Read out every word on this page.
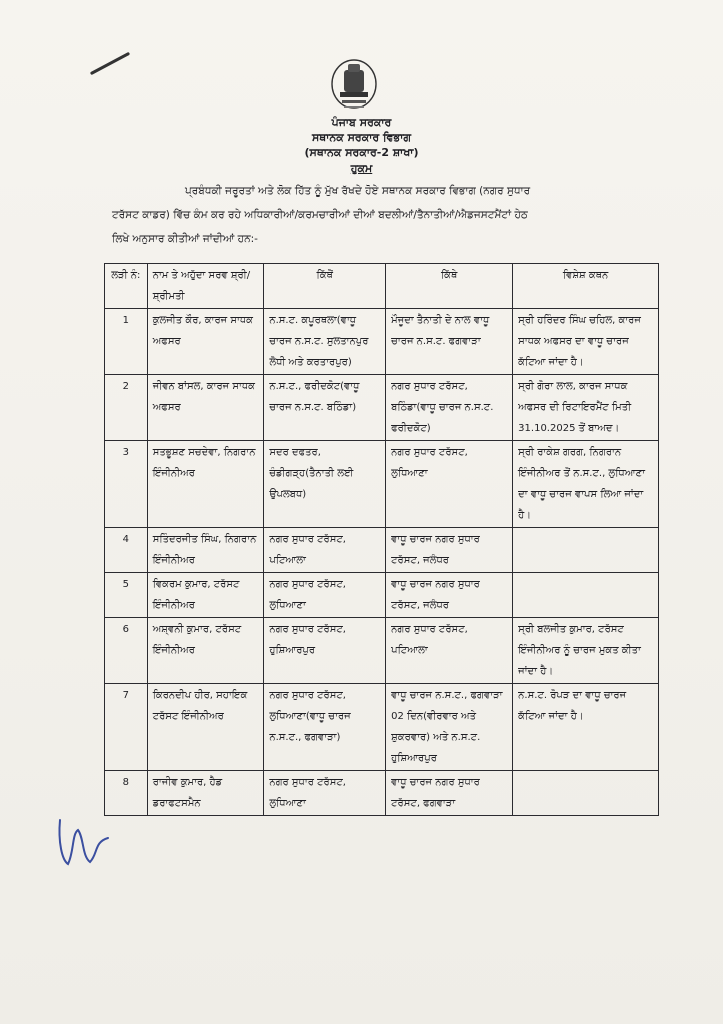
ਪੰਜਾਬ ਸਰਕਾਰ
ਸਥਾਨਕ ਸਰਕਾਰ ਵਿਭਾਗ
(ਸਥਾਨਕ ਸਰਕਾਰ-2 ਸ਼ਾਖਾ)
ਹੁਕਮ
ਪ੍ਰਬੰਧਕੀ ਜਰੂਰਤਾਂ ਅਤੇ ਲੋਕ ਹਿੱਤ ਨੂੰ ਮੁੱਖ ਰੱਖਦੇ ਹੋਏ ਸਥਾਨਕ ਸਰਕਾਰ ਵਿਭਾਗ (ਨਗਰ ਸੁਧਾਰ
ਟਰੱਸਟ ਕਾਡਰ) ਵਿੱਚ ਕੰਮ ਕਰ ਰਹੇ ਅਧਿਕਾਰੀਆਂ/ਕਰਮਚਾਰੀਆਂ ਦੀਆਂ ਬਦਲੀਆਂ/ਤੈਨਾਤੀਆਂ/ਐਡਜਸਟਮੈਂਟਾਂ ਹੇਠ
ਲਿਖੇ ਅਨੁਸਾਰ ਕੀਤੀਆਂ ਜਾਂਦੀਆਂ ਹਨ:-
ਲੜੀ ਨੰ:	ਨਾਮ ਤੇ ਅਹੁੱਦਾ ਸਰਵ ਸ਼੍ਰੀ/ਸ਼੍ਰੀਮਤੀ	ਕਿੱਥੋਂ	ਕਿੱਥੇ	ਵਿਸ਼ੇਸ਼ ਕਥਨ
1	ਕੁਲਜੀਤ ਕੌਰ, ਕਾਰਜ ਸਾਧਕ ਅਫਸਰ	ਨ.ਸ.ਟ. ਕਪੂਰਥਲਾ(ਵਾਧੂ ਚਾਰਜ ਨ.ਸ.ਟ. ਸੁਲਤਾਨਪੁਰ ਲੋਧੀ ਅਤੇ ਕਰਤਾਰਪੁਰ)	ਮੌਜੂਦਾ ਤੈਨਾਤੀ ਦੇ ਨਾਲ ਵਾਧੂ ਚਾਰਜ ਨ.ਸ.ਟ. ਫਗਵਾੜਾ	ਸ੍ਰੀ ਹਰਿੰਦਰ ਸਿੰਘ ਚਹਿਲ, ਕਾਰਜ ਸਾਧਕ ਅਫਸਰ ਦਾ ਵਾਧੂ ਚਾਰਜ ਕੱਟਿਆ ਜਾਂਦਾ ਹੈ।
2	ਜੀਵਨ ਬਾਂਸਲ, ਕਾਰਜ ਸਾਧਕ ਅਫਸਰ	ਨ.ਸ.ਟ., ਫਰੀਦਕੋਟ(ਵਾਧੂ ਚਾਰਜ ਨ.ਸ.ਟ. ਬਠਿੰਡਾ)	ਨਗਰ ਸੁਧਾਰ ਟਰੱਸਟ, ਬਠਿੰਡਾ(ਵਾਧੂ ਚਾਰਜ ਨ.ਸ.ਟ. ਫਰੀਦਕੋਟ)	ਸ੍ਰੀ ਗੋਰਾ ਲਾਲ, ਕਾਰਜ ਸਾਧਕ ਅਫਸਰ ਦੀ ਰਿਟਾਇਰਮੈਂਟ ਮਿਤੀ 31.10.2025 ਤੋਂ ਬਾਅਦ।
3	ਸਤਭੂਸ਼ਣ ਸਚਦੇਵਾ, ਨਿਗਰਾਨ ਇੰਜੀਨੀਅਰ	ਸਦਰ ਦਫਤਰ, ਚੰਡੀਗੜ੍ਹ(ਤੈਨਾਤੀ ਲਈ ਉਪਲਬਧ)	ਨਗਰ ਸੁਧਾਰ ਟਰੱਸਟ, ਲੁਧਿਆਣਾ	ਸ੍ਰੀ ਰਾਕੇਸ਼ ਗਰਗ, ਨਿਗਰਾਨ ਇੰਜੀਨੀਅਰ ਤੋਂ ਨ.ਸ.ਟ., ਲੁਧਿਆਣਾ ਦਾ ਵਾਧੂ ਚਾਰਜ ਵਾਪਸ ਲਿਆ ਜਾਂਦਾ ਹੈ।
4	ਸਤਿੰਦਰਜੀਤ ਸਿੰਘ, ਨਿਗਰਾਨ ਇੰਜੀਨੀਅਰ	ਨਗਰ ਸੁਧਾਰ ਟਰੱਸਟ, ਪਟਿਆਲਾ	ਵਾਧੂ ਚਾਰਜ ਨਗਰ ਸੁਧਾਰ ਟਰੱਸਟ, ਜਲੰਧਰ	
5	ਵਿਕਰਮ ਕੁਮਾਰ, ਟਰੱਸਟ ਇੰਜੀਨੀਅਰ	ਨਗਰ ਸੁਧਾਰ ਟਰੱਸਟ, ਲੁਧਿਆਣਾ	ਵਾਧੂ ਚਾਰਜ ਨਗਰ ਸੁਧਾਰ ਟਰੱਸਟ, ਜਲੰਧਰ	
6	ਅਸ਼੍ਵਨੀ ਕੁਮਾਰ, ਟਰੱਸਟ ਇੰਜੀਨੀਅਰ	ਨਗਰ ਸੁਧਾਰ ਟਰੱਸਟ, ਹੁਸ਼ਿਆਰਪੁਰ	ਨਗਰ ਸੁਧਾਰ ਟਰੱਸਟ, ਪਟਿਆਲਾ	ਸ੍ਰੀ ਬਲਜੀਤ ਕੁਮਾਰ, ਟਰੱਸਟ ਇੰਜੀਨੀਅਰ ਨੂੰ ਚਾਰਜ ਮੁਕਤ ਕੀਤਾ ਜਾਂਦਾ ਹੈ।
7	ਕਿਰਨਦੀਪ ਹੀਰ, ਸਹਾਇਕ ਟਰੱਸਟ ਇੰਜੀਨੀਅਰ	ਨਗਰ ਸੁਧਾਰ ਟਰੱਸਟ, ਲੁਧਿਆਣਾ(ਵਾਧੂ ਚਾਰਜ ਨ.ਸ.ਟ., ਫਗਵਾੜਾ)	ਵਾਧੂ ਚਾਰਜ ਨ.ਸ.ਟ., ਫਗਵਾੜਾ 02 ਦਿਨ(ਵੀਰਵਾਰ ਅਤੇ ਸ਼ੁਕਰਵਾਰ) ਅਤੇ ਨ.ਸ.ਟ. ਹੁਸ਼ਿਆਰਪੁਰ	ਨ.ਸ.ਟ. ਰੋਪੜ ਦਾ ਵਾਧੂ ਚਾਰਜ ਕੱਟਿਆ ਜਾਂਦਾ ਹੈ।
8	ਰਾਜੀਵ ਕੁਮਾਰ, ਹੈਡ ਡਰਾਫਟਸਮੈਨ	ਨਗਰ ਸੁਧਾਰ ਟਰੱਸਟ, ਲੁਧਿਆਣਾ	ਵਾਧੂ ਚਾਰਜ ਨਗਰ ਸੁਧਾਰ ਟਰੱਸਟ, ਫਗਵਾੜਾ	
